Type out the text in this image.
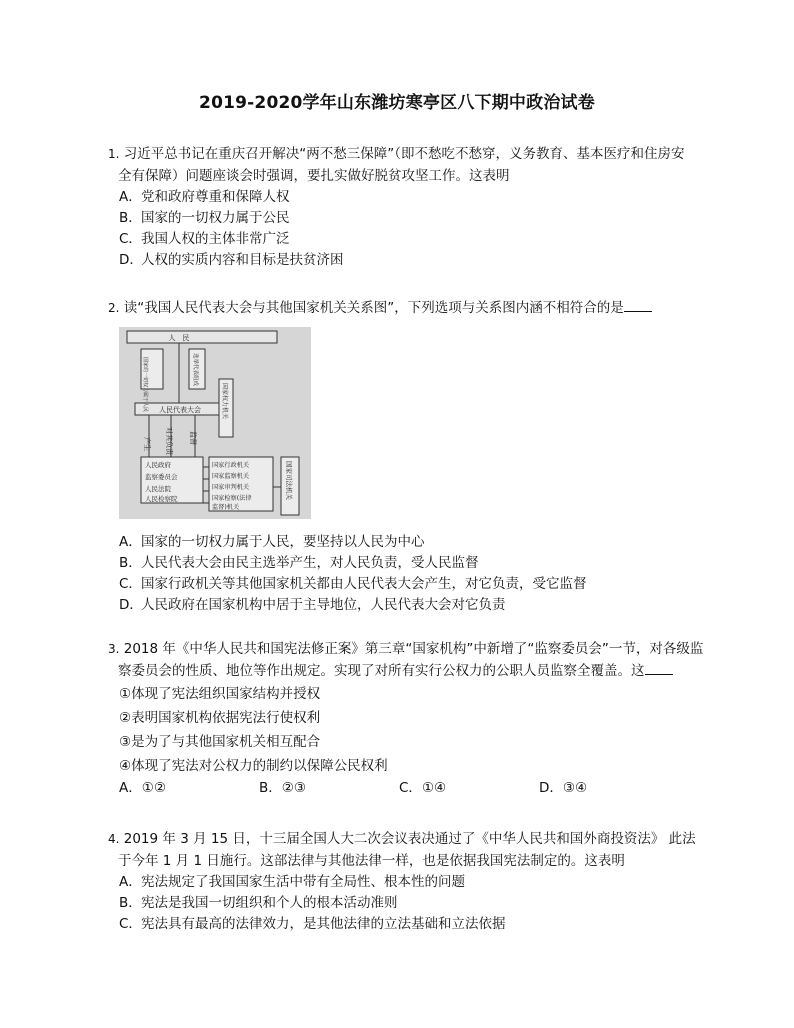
2019-2020学年山东潍坊寒亭区八下期中政治试卷

1. 习近平总书记在重庆召开解决“两不愁三保障”（即不愁吃不愁穿，义务教育、基本医疗和住房安

全有保障）问题座谈会时强调，要扎实做好脱贫攻坚工作。这表明

A．党和政府尊重和保障人权

B．国家的一切权力属于公民

C．我国人权的主体非常广泛

D．人权的实质内容和目标是扶贫济困

2. 读“我国人民代表大会与其他国家机关关系图”，下列选项与关系图内涵不相符合的是

人　民
人民代表大会
产生 对其负责 监督
国家的一切权力属于人民	选举代表组成
国家权力机关
人民政府
监察委员会
人民法院
人民检察院
国家行政机关
国家监察机关
国家审判机关
国家检察(法律
监督)机关
国家司法机关

A．国家的一切权力属于人民，要坚持以人民为中心

B．人民代表大会由民主选举产生，对人民负责，受人民监督

C．国家行政机关等其他国家机关都由人民代表大会产生，对它负责，受它监督

D．人民政府在国家机构中居于主导地位，人民代表大会对它负责

3. 2018 年《中华人民共和国宪法修正案》第三章“国家机构”中新增了“监察委员会”一节，对各级监

察委员会的性质、地位等作出规定。实现了对所有实行公权力的公职人员监察全覆盖。这

①体现了宪法组织国家结构并授权

②表明国家机构依据宪法行使权利

③是为了与其他国家机关相互配合

④体现了宪法对公权力的制约以保障公民权利

A．①②	B．②③	C．①④	D．③④

4. 2019 年 3 月 15 日，十三届全国人大二次会议表决通过了《中华人民共和国外商投资法》 此法

于今年 1 月 1 日施行。这部法律与其他法律一样，也是依据我国宪法制定的。这表明

A．宪法规定了我国国家生活中带有全局性、根本性的问题

B．宪法是我国一切组织和个人的根本活动准则

C．宪法具有最高的法律效力，是其他法律的立法基础和立法依据
